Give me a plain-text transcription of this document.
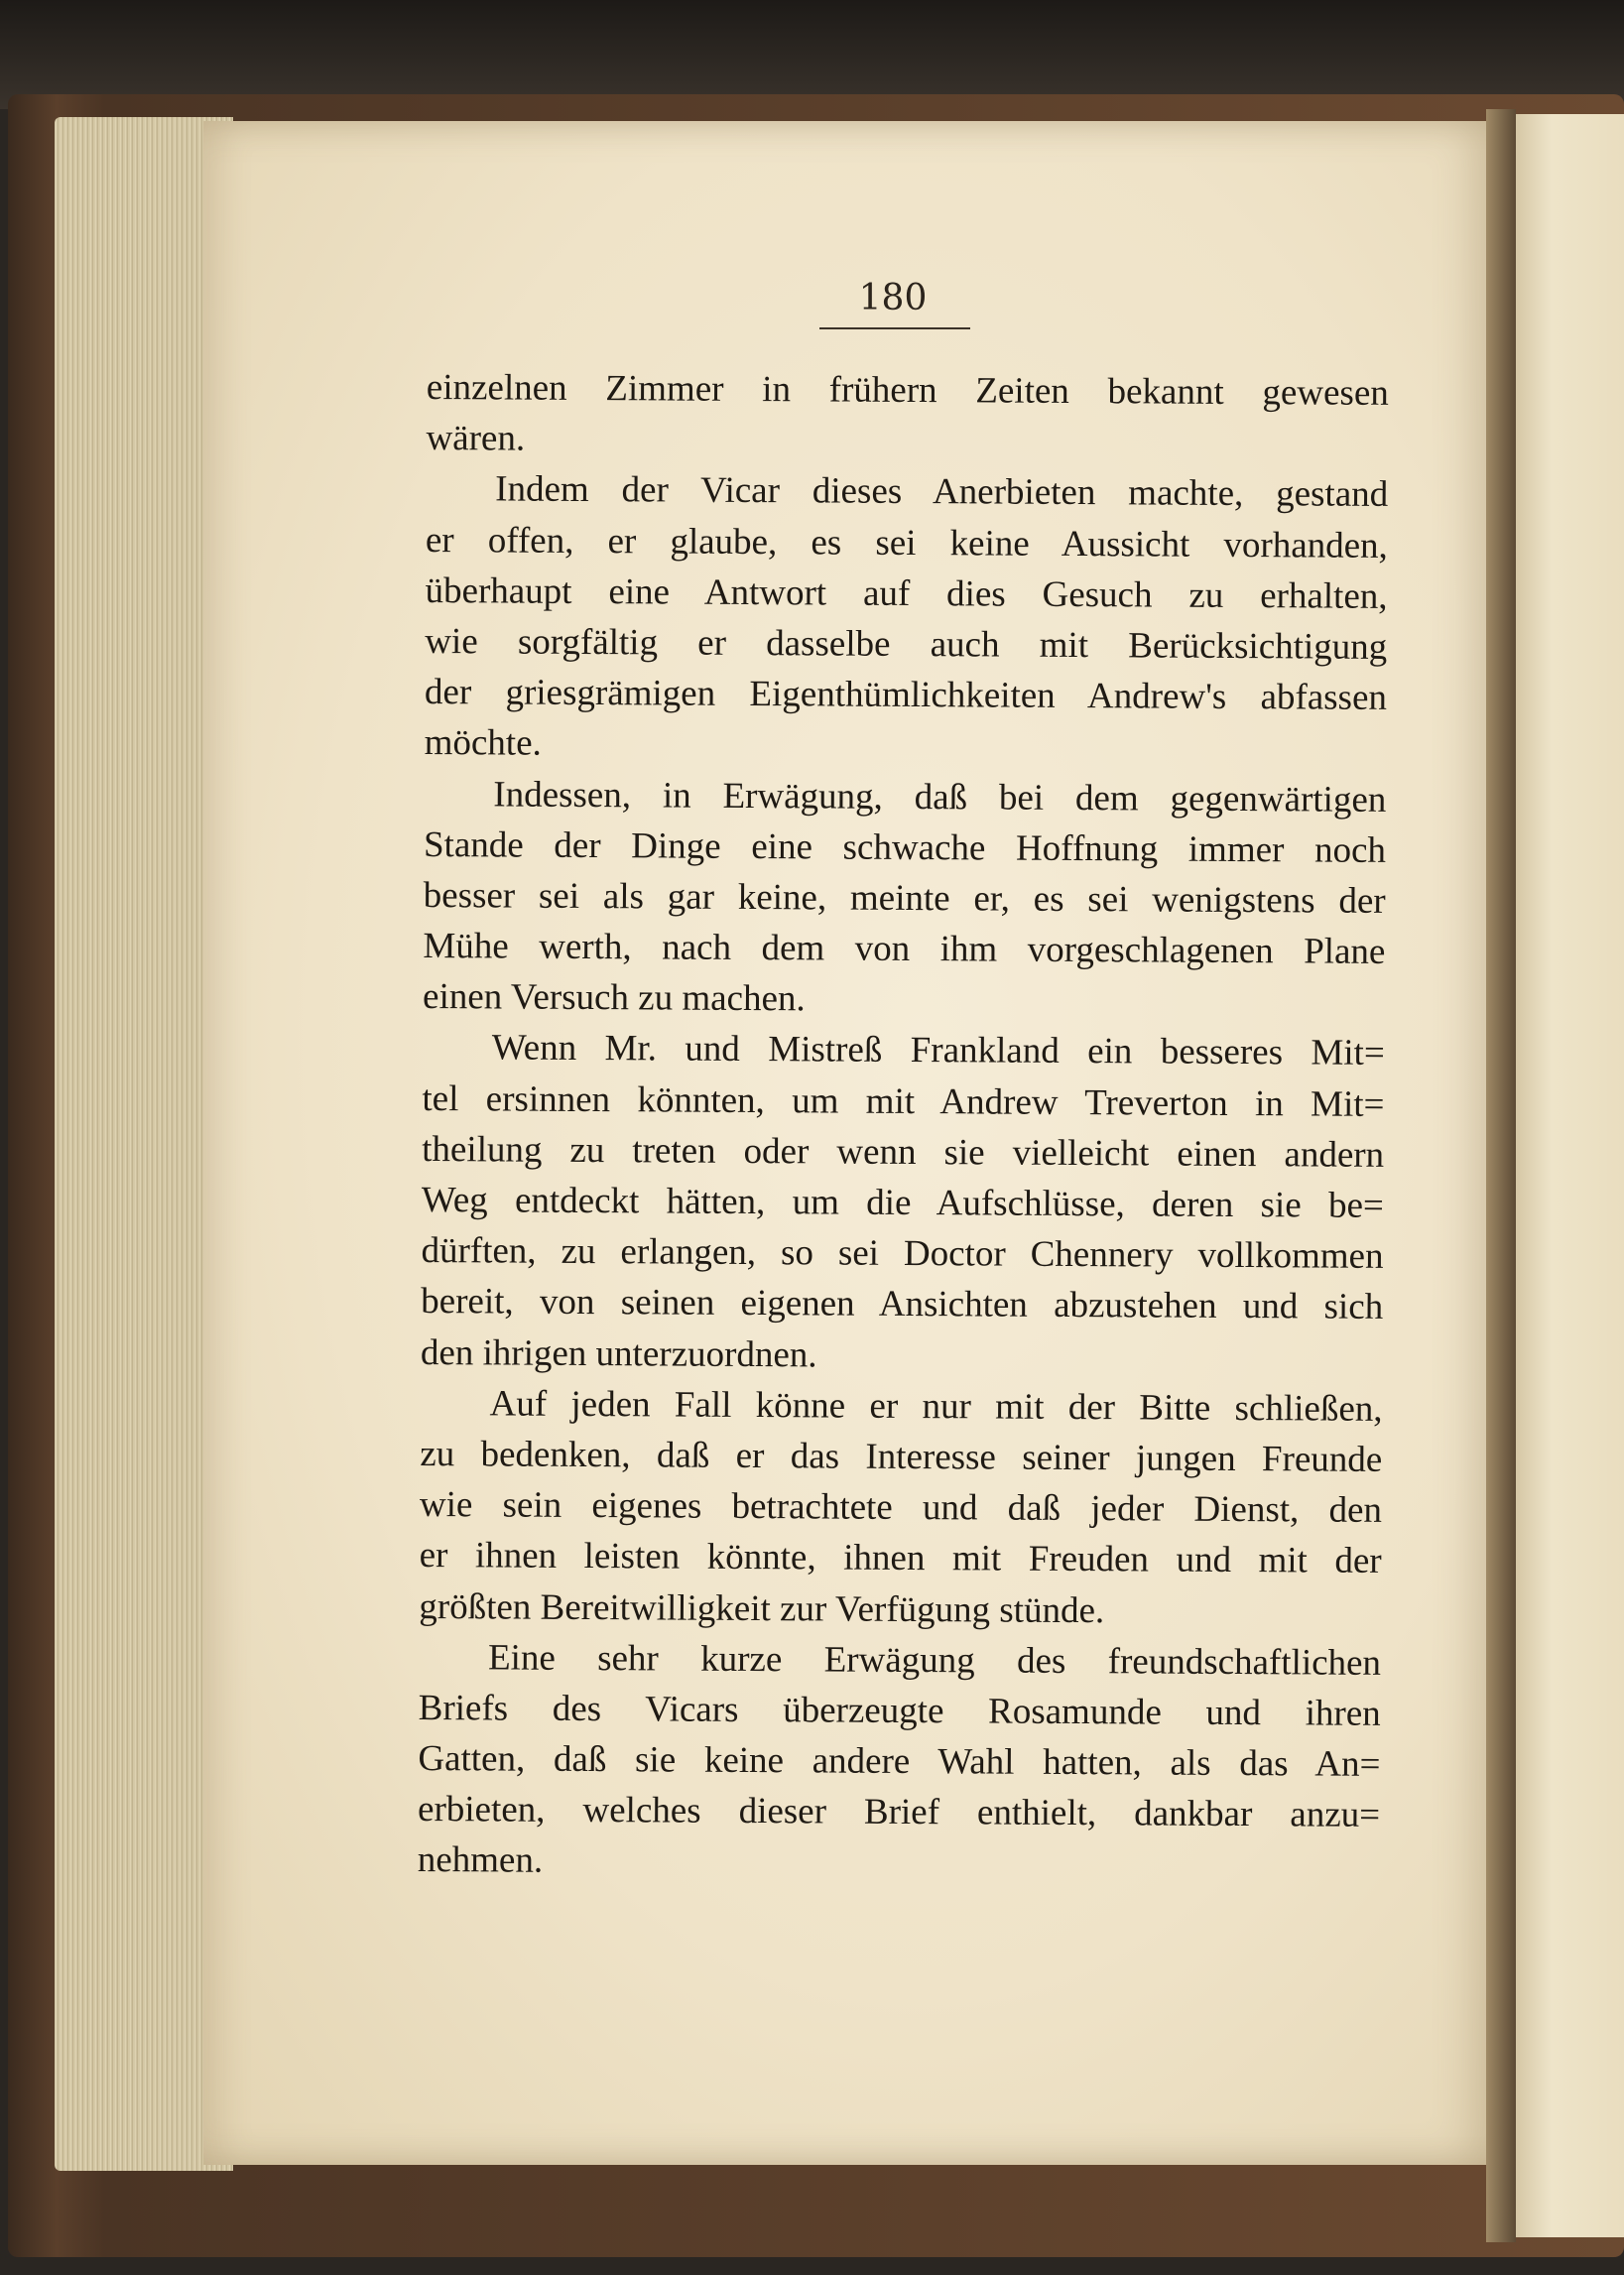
180
einzelnen Zimmer in frühern Zeiten bekannt gewesen
wären.
Indem der Vicar dieses Anerbieten machte, gestand
er offen, er glaube, es sei keine Aussicht vorhanden,
überhaupt eine Antwort auf dies Gesuch zu erhalten,
wie sorgfältig er dasselbe auch mit Berücksichtigung
der griesgrämigen Eigenthümlichkeiten Andrew's abfassen
möchte.
Indessen, in Erwägung, daß bei dem gegenwärtigen
Stande der Dinge eine schwache Hoffnung immer noch
besser sei als gar keine, meinte er, es sei wenigstens der
Mühe werth, nach dem von ihm vorgeschlagenen Plane
einen Versuch zu machen.
Wenn Mr. und Mistreß Frankland ein besseres Mit=
tel ersinnen könnten, um mit Andrew Treverton in Mit=
theilung zu treten oder wenn sie vielleicht einen andern
Weg entdeckt hätten, um die Aufschlüsse, deren sie be=
dürften, zu erlangen, so sei Doctor Chennery vollkommen
bereit, von seinen eigenen Ansichten abzustehen und sich
den ihrigen unterzuordnen.
Auf jeden Fall könne er nur mit der Bitte schließen,
zu bedenken, daß er das Interesse seiner jungen Freunde
wie sein eigenes betrachtete und daß jeder Dienst, den
er ihnen leisten könnte, ihnen mit Freuden und mit der
größten Bereitwilligkeit zur Verfügung stünde.
Eine sehr kurze Erwägung des freundschaftlichen
Briefs des Vicars überzeugte Rosamunde und ihren
Gatten, daß sie keine andere Wahl hatten, als das An=
erbieten, welches dieser Brief enthielt, dankbar anzu=
nehmen.
